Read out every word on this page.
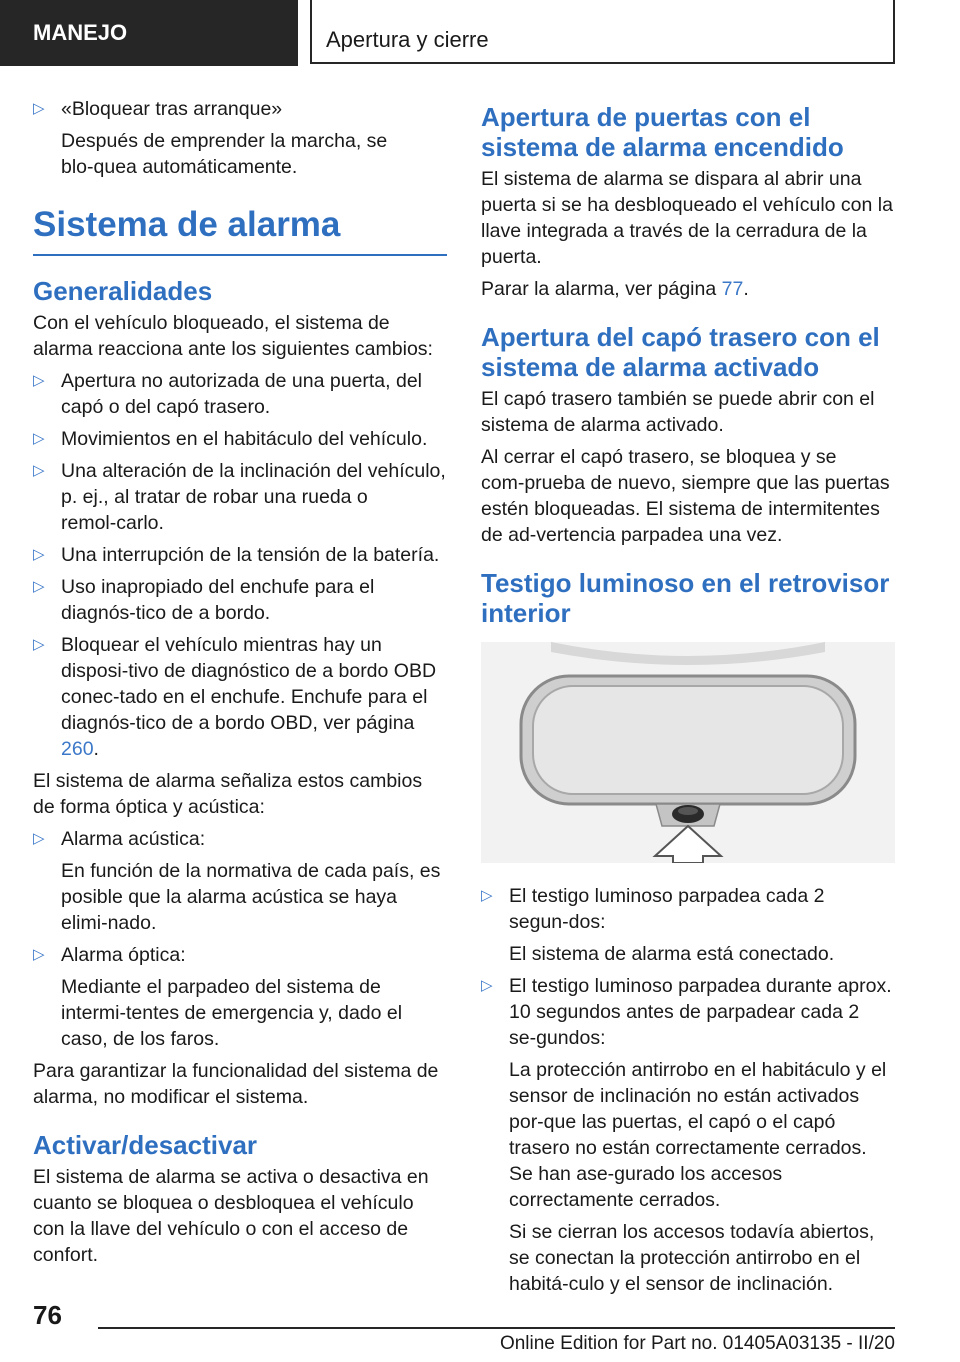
MANEJO	Apertura y cierre
▷ «Bloquear tras arranque»
Después de emprender la marcha, se blo‑quea automáticamente.
Sistema de alarma
Generalidades

Con el vehículo bloqueado, el sistema de alarma reacciona ante los siguientes cambios:

▷ Apertura no autorizada de una puerta, del capó o del capó trasero.
▷ Movimientos en el habitáculo del vehículo.
▷ Una alteración de la inclinación del vehículo, p. ej., al tratar de robar una rueda o remol‑carlo.
▷ Una interrupción de la tensión de la batería.
▷ Uso inapropiado del enchufe para el diagnós‑tico de a bordo.
▷ Bloquear el vehículo mientras hay un disposi‑tivo de diagnóstico de a bordo OBD conec‑tado en el enchufe. Enchufe para el diagnós‑tico de a bordo OBD, ver página 260.

El sistema de alarma señaliza estos cambios de forma óptica y acústica:

▷ Alarma acústica:
En función de la normativa de cada país, es posible que la alarma acústica se haya elimi‑nado.
▷ Alarma óptica:
Mediante el parpadeo del sistema de intermi‑tentes de emergencia y, dado el caso, de los faros.

Para garantizar la funcionalidad del sistema de alarma, no modificar el sistema.

Activar/desactivar

El sistema de alarma se activa o desactiva en cuanto se bloquea o desbloquea el vehículo con la llave del vehículo o con el acceso de confort.

Apertura de puertas con el sistema de alarma encendido

El sistema de alarma se dispara al abrir una puerta si se ha desbloqueado el vehículo con la llave integrada a través de la cerradura de la puerta.

Parar la alarma, ver página 77.

Apertura del capó trasero con el sistema de alarma activado

El capó trasero también se puede abrir con el sistema de alarma activado.

Al cerrar el capó trasero, se bloquea y se com‑prueba de nuevo, siempre que las puertas estén bloqueadas. El sistema de intermitentes de ad‑vertencia parpadea una vez.

Testigo luminoso en el retrovisor interior
▷ El testigo luminoso parpadea cada 2 segun‑dos:
El sistema de alarma está conectado.
▷ El testigo luminoso parpadea durante aprox. 10 segundos antes de parpadear cada 2 se‑gundos:
La protección antirrobo en el habitáculo y el sensor de inclinación no están activados por‑que las puertas, el capó o el capó trasero no están correctamente cerrados. Se han ase‑gurado los accesos correctamente cerrados.
Si se cierran los accesos todavía abiertos, se conectan la protección antirrobo en el habitá‑culo y el sensor de inclinación.
76
Online Edition for Part no. 01405A03135 - II/20
